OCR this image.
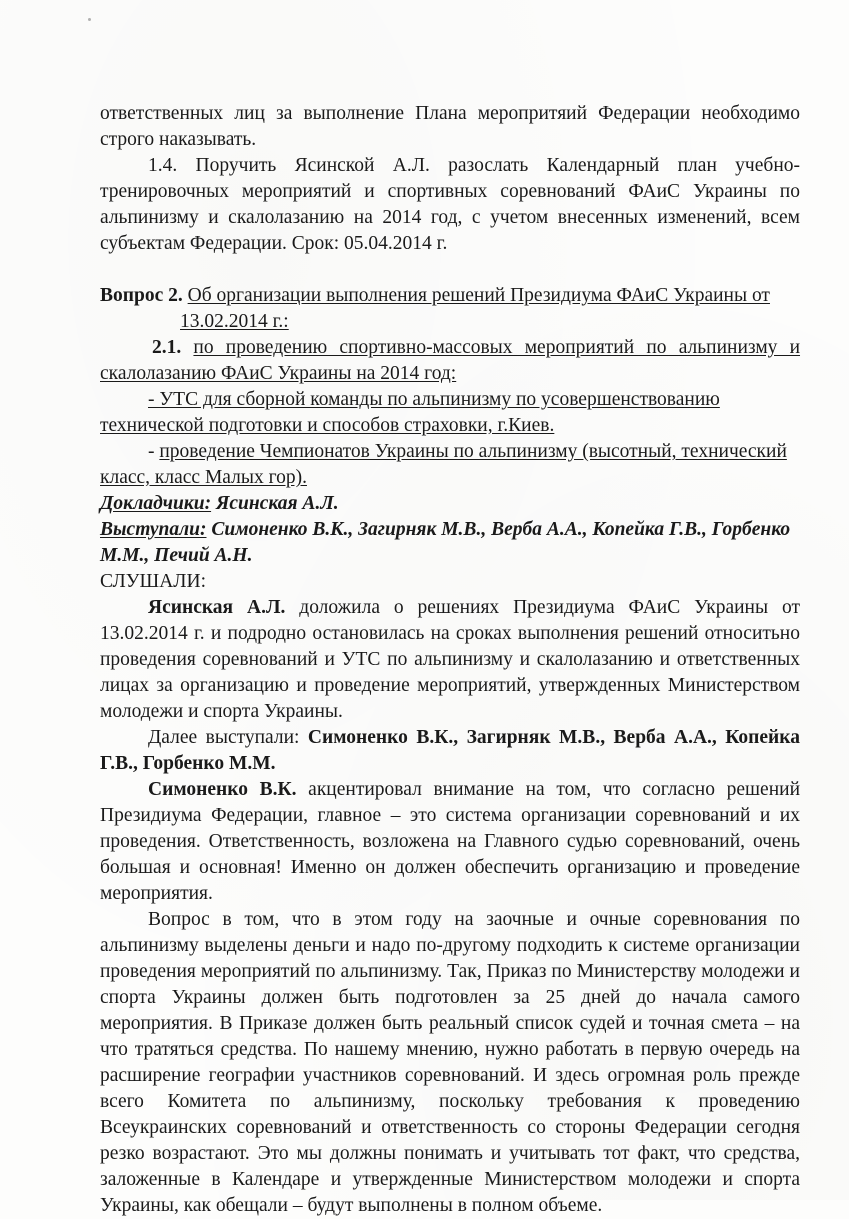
ответственных лиц за выполнение Плана меропритяий Федерации необходимо строго наказывать.

1.4. Поручить Ясинской А.Л. разослать Календарный план учебно-тренировочных мероприятий и спортивных соревнований ФАиС Украины по альпинизму и скалолазанию на 2014 год, с учетом внесенных изменений, всем субъектам Федерации. Срок: 05.04.2014 г.

Вопрос 2. Об организации выполнения решений Президиума ФАиС Украины от

13.02.2014 г.:

2.1. по проведению спортивно-массовых мероприятий по альпинизму и скалолазанию ФАиС Украины на 2014 год:

- УТС для сборной команды по альпинизму по усовершенствованию технической подготовки и способов страховки, г.Киев.

- проведение Чемпионатов Украины по альпинизму (высотный, технический класс, класс Малых гор).

Докладчики: Ясинская А.Л.

Выступали: Симоненко В.К., Загирняк М.В., Верба А.А., Копейка Г.В., Горбенко М.М., Печий А.Н.

СЛУШАЛИ:

Ясинская А.Л. доложила о решениях Президиума ФАиС Украины от 13.02.2014 г. и подродно остановилась на сроках выполнения решений относитьно проведения соревнований и УТС по альпинизму и скалолазанию и ответственных лицах за организацию и проведение мероприятий, утвержденных Министерством молодежи и спорта Украины.

Далее выступали: Симоненко В.К., Загирняк М.В., Верба А.А., Копейка Г.В., Горбенко М.М.

Симоненко В.К. акцентировал внимание на том, что согласно решений Президиума Федерации, главное – это система организации соревнований и их проведения. Ответственность, возложена на Главного судью соревнований, очень большая и основная! Именно он должен обеспечить организацию и проведение мероприятия.

Вопрос в том, что в этом году на заочные и очные соревнования по альпинизму выделены деньги и надо по-другому подходить к системе организации проведения мероприятий по альпинизму. Так, Приказ по Министерству молодежи и спорта Украины должен быть подготовлен за 25 дней до начала самого мероприятия. В Приказе должен быть реальный список судей и точная смета – на что тратяться средства. По нашему мнению, нужно работать в первую очередь на расширение географии участников соревнований. И здесь огромная роль прежде всего Комитета по альпинизму, поскольку требования к проведению Всеукраинских соревнований и ответственность со стороны Федерации сегодня резко возрастают. Это мы должны понимать и учитывать тот факт, что средства, заложенные в Календаре и утвержденные Министерством молодежи и спорта Украины, как обещали – будут выполнены в полном объеме.
